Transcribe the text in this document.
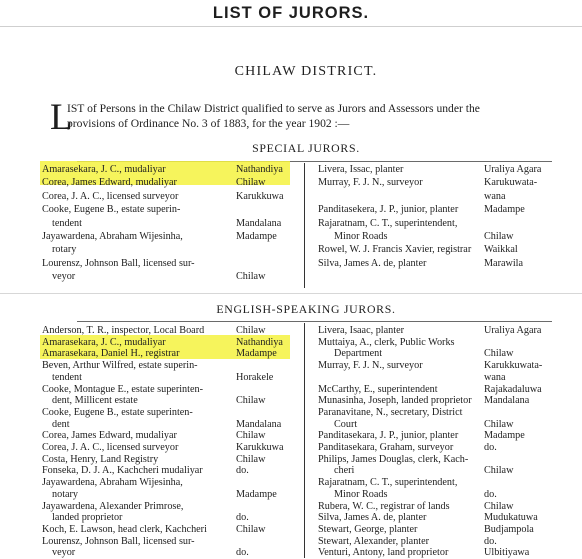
LIST OF JURORS.
CHILAW DISTRICT.
L
IST of Persons in the Chilaw District qualified to serve as Jurors and Assessors under the
provisions of Ordinance No. 3 of 1883, for the year 1902 :—
SPECIAL JURORS.
Amarasekara, J. C., mudaliyar	Nathandiya
Corea, James Edward, mudaliyar	Chilaw
Corea, J. A. C., licensed surveyor	Karukkuwa
Cooke, Eugene B., estate superin-
tendent	Mandalana
Jayawardena, Abraham Wijesinha,	Madampe
rotary
Lourensz, Johnson Ball, licensed sur-
veyor	Chilaw
Livera, Issac, planter	Uraliya Agara
Murray, F. J. N., surveyor	Karukuwata-
wana
Panditasekera, J. P., junior, planter	Madampe
Rajaratnam, C. T., superintendent,
Minor Roads	Chilaw
Rowel, W. J. Francis Xavier, registrar Waikkal
Silva, James A. de, planter	Marawila
ENGLISH-SPEAKING JURORS.
Anderson, T. R., inspector, Local Board	Chilaw
Amarasekara, J. C., mudaliyar	Nathandiya
Amarasekara, Daniel H., registrar	Madampe
Beven, Arthur Wilfred, estate superin-
tendent	Horakele
Cooke, Montague E., estate superinten-
dent, Millicent estate	Chilaw
Cooke, Eugene B., estate superinten-
dent	Mandalana
Corea, James Edward, mudaliyar	Chilaw
Corea, J. A. C., licensed surveyor	Karukkuwa
Costa, Henry, Land Registry	Chilaw
Fonseka, D. J. A., Kachcheri mudaliyar	do.
Jayawardena, Abraham Wijesinha,
notary	Madampe
Jayawardena, Alexander Primrose,
landed proprietor	do.
Koch, E. Lawson, head clerk, Kachcheri	Chilaw
Lourensz, Johnson Ball, licensed sur-
veyor	do.
Livera, Isaac, planter	Uraliya Agara
Muttaiya, A., clerk, Public Works
Department	Chilaw
Murray, F. J. N., surveyor	Karukkuwata-
wana
McCarthy, E., superintendent	Rajakadaluwa
Munasinha, Joseph, landed proprietor Mandalana
Paranavitane, N., secretary, District
Court	Chilaw
Panditasekara, J. P., junior, planter	Madampe
Panditasekara, Graham, surveyor	do.
Philips, James Douglas, clerk, Kach-
cheri	Chilaw
Rajaratnam, C. T., superintendent,
Minor Roads	do.
Rubera, W. C., registrar of lands	Chilaw
Silva, James A. de, planter	Mudukatuwa
Stewart, George, planter	Budjampola
Stewart, Alexander, planter	do.
Venturi, Antony, land proprietor	Ulbitiyawa
